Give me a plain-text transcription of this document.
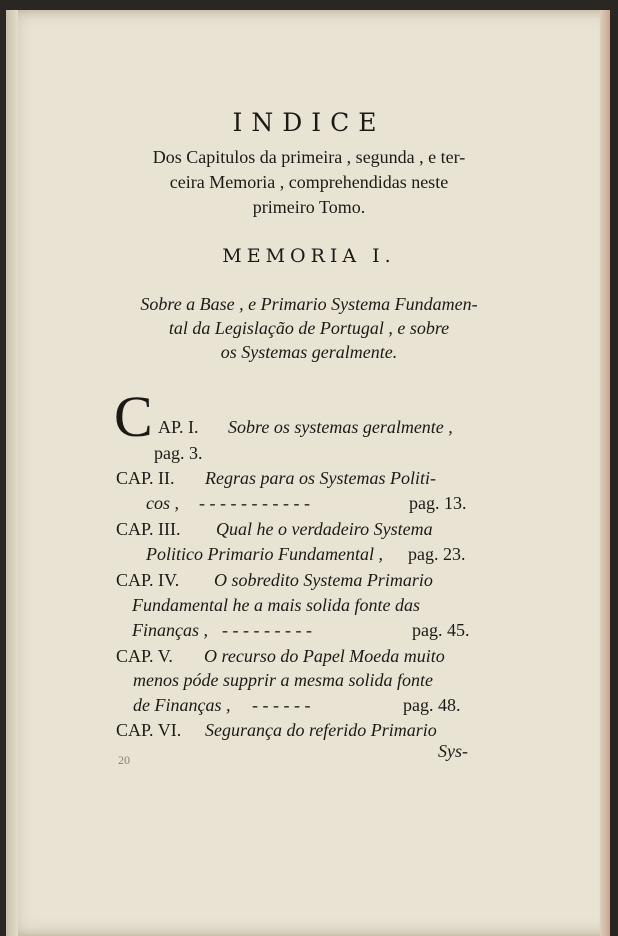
INDICE
Dos Capitulos da primeira , segunda , e ter-
ceira Memoria , comprehendidas neste
primeiro Tomo.
MEMORIA I.
Sobre a Base , e Primario Systema Fundamen-
tal da Legislação de Portugal , e sobre
os Systemas geralmente.
C AP. I. Sobre os systemas geralmente ,
pag. 3.
CAP. II. Regras para os Systemas Politi-
cos , - - - - - - - - - - -	pag. 13.
CAP. III. Qual he o verdadeiro Systema
Politico Primario Fundamental , pag. 23.
CAP. IV. O sobredito Systema Primario
Fundamental he a mais solida fonte das
Finanças , - - - - - - - - -	pag. 45.
CAP. V. O recurso do Papel Moeda muito
menos póde supprir a mesma solida fonte
de Finanças , - - - - - -	pag. 48.
CAP. VI. Segurança do referido Primario
Sys-
20
